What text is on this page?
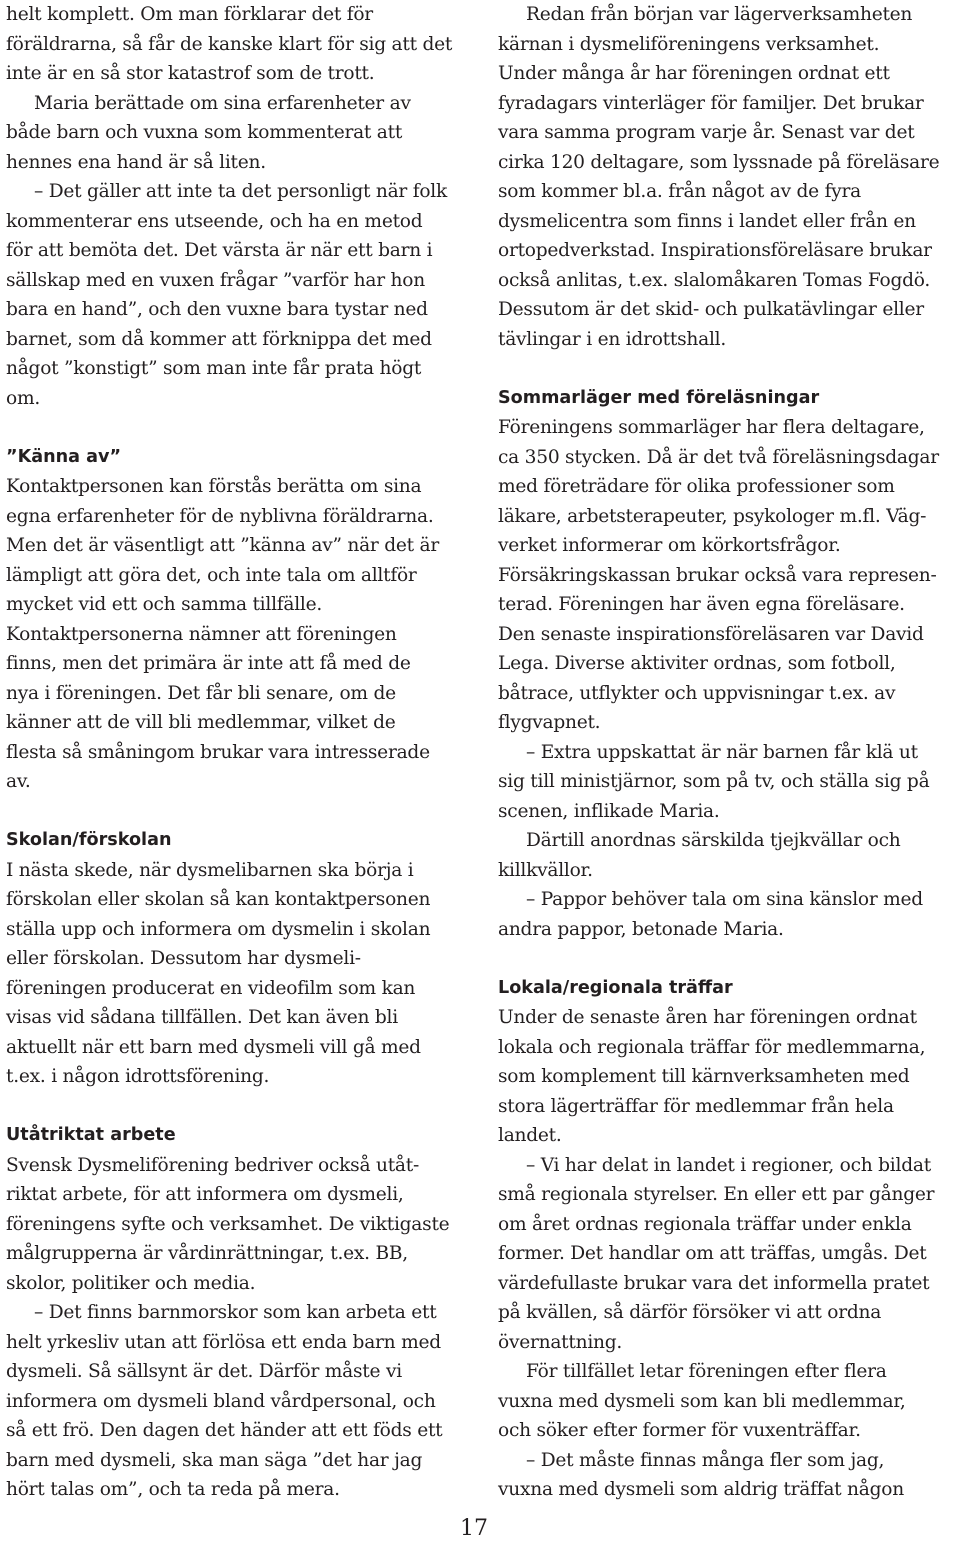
helt komplett. Om man förklarar det för
föräldrarna, så får de kanske klart för sig att det
inte är en så stor katastrof som de trott.
Maria berättade om sina erfarenheter av
både barn och vuxna som kommenterat att
hennes ena hand är så liten.
– Det gäller att inte ta det personligt när folk
kommenterar ens utseende, och ha en metod
för att bemöta det. Det värsta är när ett barn i
sällskap med en vuxen frågar ”varför har hon
bara en hand”, och den vuxne bara tystar ned
barnet, som då kommer att förknippa det med
något ”konstigt” som man inte får prata högt
om.
”Känna av”
Kontaktpersonen kan förstås berätta om sina
egna erfarenheter för de nyblivna föräldrarna.
Men det är väsentligt att ”känna av” när det är
lämpligt att göra det, och inte tala om alltför
mycket vid ett och samma tillfälle.
Kontaktpersonerna nämner att föreningen
finns, men det primära är inte att få med de
nya i föreningen. Det får bli senare, om de
känner att de vill bli medlemmar, vilket de
flesta så småningom brukar vara intresserade
av.
Skolan/förskolan
I nästa skede, när dysmelibarnen ska börja i
förskolan eller skolan så kan kontaktpersonen
ställa upp och informera om dysmelin i skolan
eller förskolan. Dessutom har dysmeli-
föreningen producerat en videofilm som kan
visas vid sådana tillfällen. Det kan även bli
aktuellt när ett barn med dysmeli vill gå med
t.ex. i någon idrottsförening.
Utåtriktat arbete
Svensk Dysmeliförening bedriver också utåt-
riktat arbete, för att informera om dysmeli,
föreningens syfte och verksamhet. De viktigaste
målgrupperna är vårdinrättningar, t.ex. BB,
skolor, politiker och media.
– Det finns barnmorskor som kan arbeta ett
helt yrkesliv utan att förlösa ett enda barn med
dysmeli. Så sällsynt är det. Därför måste vi
informera om dysmeli bland vårdpersonal, och
så ett frö. Den dagen det händer att ett föds ett
barn med dysmeli, ska man säga ”det har jag
hört talas om”, och ta reda på mera.
Redan från början var lägerverksamheten
kärnan i dysmeliföreningens verksamhet.
Under många år har föreningen ordnat ett
fyradagars vinterläger för familjer. Det brukar
vara samma program varje år. Senast var det
cirka 120 deltagare, som lyssnade på föreläsare
som kommer bl.a. från något av de fyra
dysmelicentra som finns i landet eller från en
ortopedverkstad. Inspirationsföreläsare brukar
också anlitas, t.ex. slalomåkaren Tomas Fogdö.
Dessutom är det skid- och pulkatävlingar eller
tävlingar i en idrottshall.
Sommarläger med föreläsningar
Föreningens sommarläger har flera deltagare,
ca 350 stycken. Då är det två föreläsningsdagar
med företrädare för olika professioner som
läkare, arbetsterapeuter, psykologer m.fl. Väg-
verket informerar om körkortsfrågor.
Försäkringskassan brukar också vara represen-
terad. Föreningen har även egna föreläsare.
Den senaste inspirationsföreläsaren var David
Lega. Diverse aktiviter ordnas, som fotboll,
båtrace, utflykter och uppvisningar t.ex. av
flygvapnet.
– Extra uppskattat är när barnen får klä ut
sig till ministjärnor, som på tv, och ställa sig på
scenen, inflikade Maria.
Därtill anordnas särskilda tjejkvällar och
killkvällor.
– Pappor behöver tala om sina känslor med
andra pappor, betonade Maria.
Lokala/regionala träffar
Under de senaste åren har föreningen ordnat
lokala och regionala träffar för medlemmarna,
som komplement till kärnverksamheten med
stora lägerträffar för medlemmar från hela
landet.
– Vi har delat in landet i regioner, och bildat
små regionala styrelser. En eller ett par gånger
om året ordnas regionala träffar under enkla
former. Det handlar om att träffas, umgås. Det
värdefullaste brukar vara det informella pratet
på kvällen, så därför försöker vi att ordna
övernattning.
För tillfället letar föreningen efter flera
vuxna med dysmeli som kan bli medlemmar,
och söker efter former för vuxenträffar.
– Det måste finnas många fler som jag,
vuxna med dysmeli som aldrig träffat någon
17
